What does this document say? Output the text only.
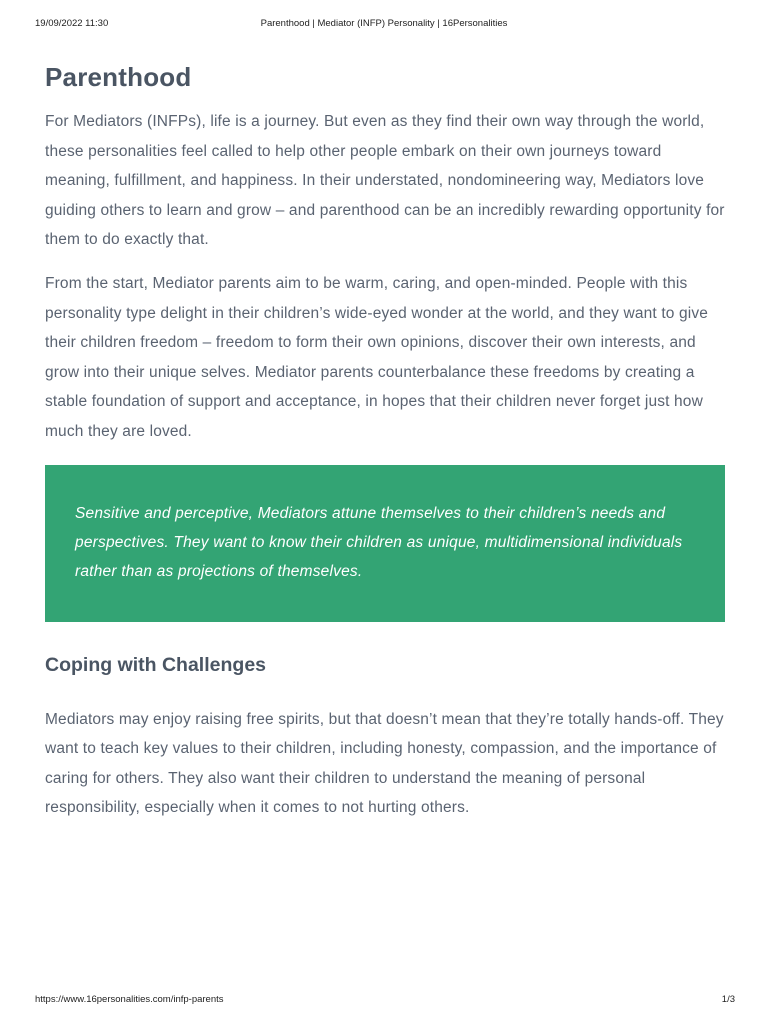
19/09/2022 11:30	Parenthood | Mediator (INFP) Personality | 16Personalities
Parenthood

For Mediators (INFPs), life is a journey. But even as they find their own way through the world, these personalities feel called to help other people embark on their own journeys toward meaning, fulfillment, and happiness. In their understated, nondomineering way, Mediators love guiding others to learn and grow – and parenthood can be an incredibly rewarding opportunity for them to do exactly that.

From the start, Mediator parents aim to be warm, caring, and open-minded. People with this personality type delight in their children’s wide-eyed wonder at the world, and they want to give their children freedom – freedom to form their own opinions, discover their own interests, and grow into their unique selves. Mediator parents counterbalance these freedoms by creating a stable foundation of support and acceptance, in hopes that their children never forget just how much they are loved.

Sensitive and perceptive, Mediators attune themselves to their children’s needs and perspectives. They want to know their children as unique, multidimensional individuals rather than as projections of themselves.

Coping with Challenges

Mediators may enjoy raising free spirits, but that doesn’t mean that they’re totally hands-off. They want to teach key values to their children, including honesty, compassion, and the importance of caring for others. They also want their children to understand the meaning of personal responsibility, especially when it comes to not hurting others.

https://www.16personalities.com/infp-parents	1/3
